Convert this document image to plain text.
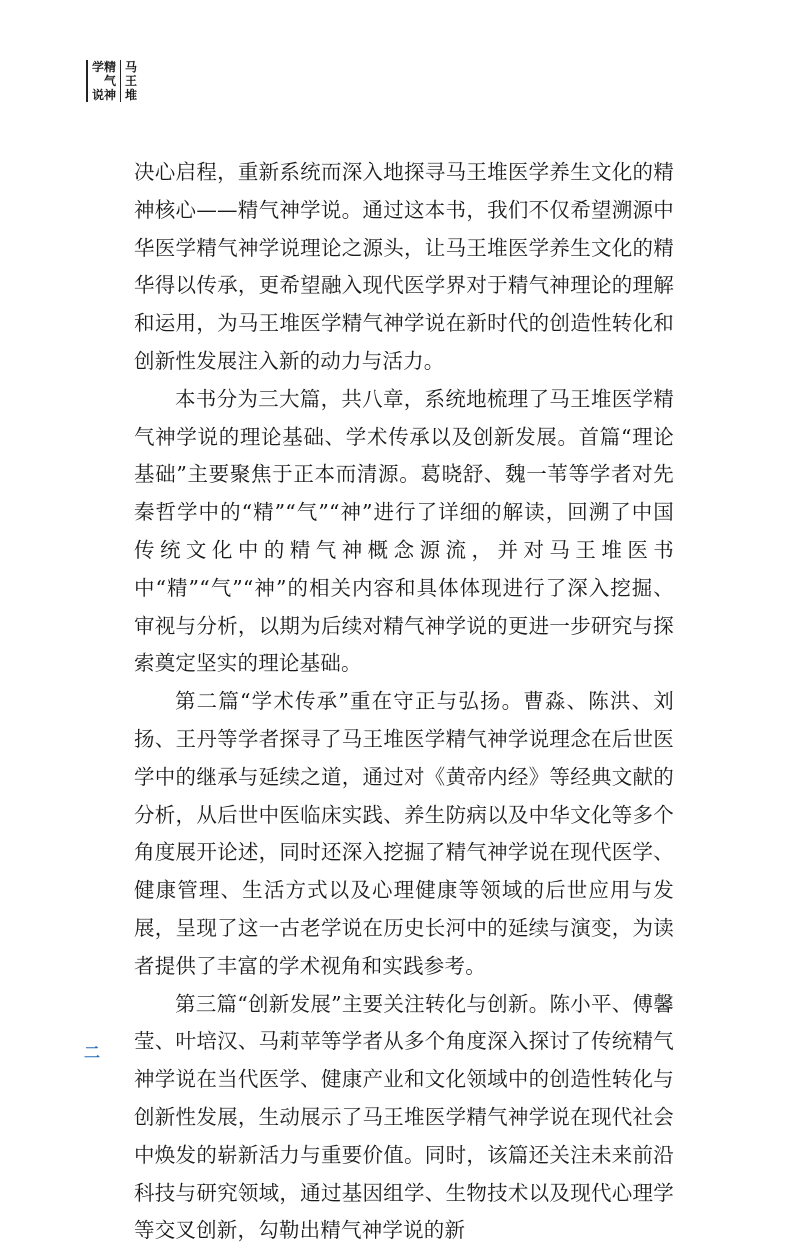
学 精
气
说 神
马
王
堆

决心启程，重新系统而深入地探寻马王堆医学养生文化的精神核心——精气神学说。通过这本书，我们不仅希望溯源中华医学精气神学说理论之源头，让马王堆医学养生文化的精华得以传承，更希望融入现代医学界对于精气神理论的理解和运用，为马王堆医学精气神学说在新时代的创造性转化和创新性发展注入新的动力与活力。

本书分为三大篇，共八章，系统地梳理了马王堆医学精气神学说的理论基础、学术传承以及创新发展。首篇“理论基础”主要聚焦于正本而清源。葛晓舒、魏一苇等学者对先秦哲学中的“精”“气”“神”进行了详细的解读，回溯了中国传统文化中的精气神概念源流，并对马王堆医书中“精”“气”“神”的相关内容和具体体现进行了深入挖掘、审视与分析，以期为后续对精气神学说的更进一步研究与探索奠定坚实的理论基础。

第二篇“学术传承”重在守正与弘扬。曹淼、陈洪、刘扬、王丹等学者探寻了马王堆医学精气神学说理念在后世医学中的继承与延续之道，通过对《黄帝内经》等经典文献的分析，从后世中医临床实践、养生防病以及中华文化等多个角度展开论述，同时还深入挖掘了精气神学说在现代医学、健康管理、生活方式以及心理健康等领域的后世应用与发展，呈现了这一古老学说在历史长河中的延续与演变，为读者提供了丰富的学术视角和实践参考。

第三篇“创新发展”主要关注转化与创新。陈小平、傅馨莹、叶培汉、马莉苹等学者从多个角度深入探讨了传统精气神学说在当代医学、健康产业和文化领域中的创造性转化与创新性发展，生动展示了马王堆医学精气神学说在现代社会中焕发的崭新活力与重要价值。同时，该篇还关注未来前沿科技与研究领域，通过基因组学、生物技术以及现代心理学等交叉创新，勾勒出精气神学说的新

二
